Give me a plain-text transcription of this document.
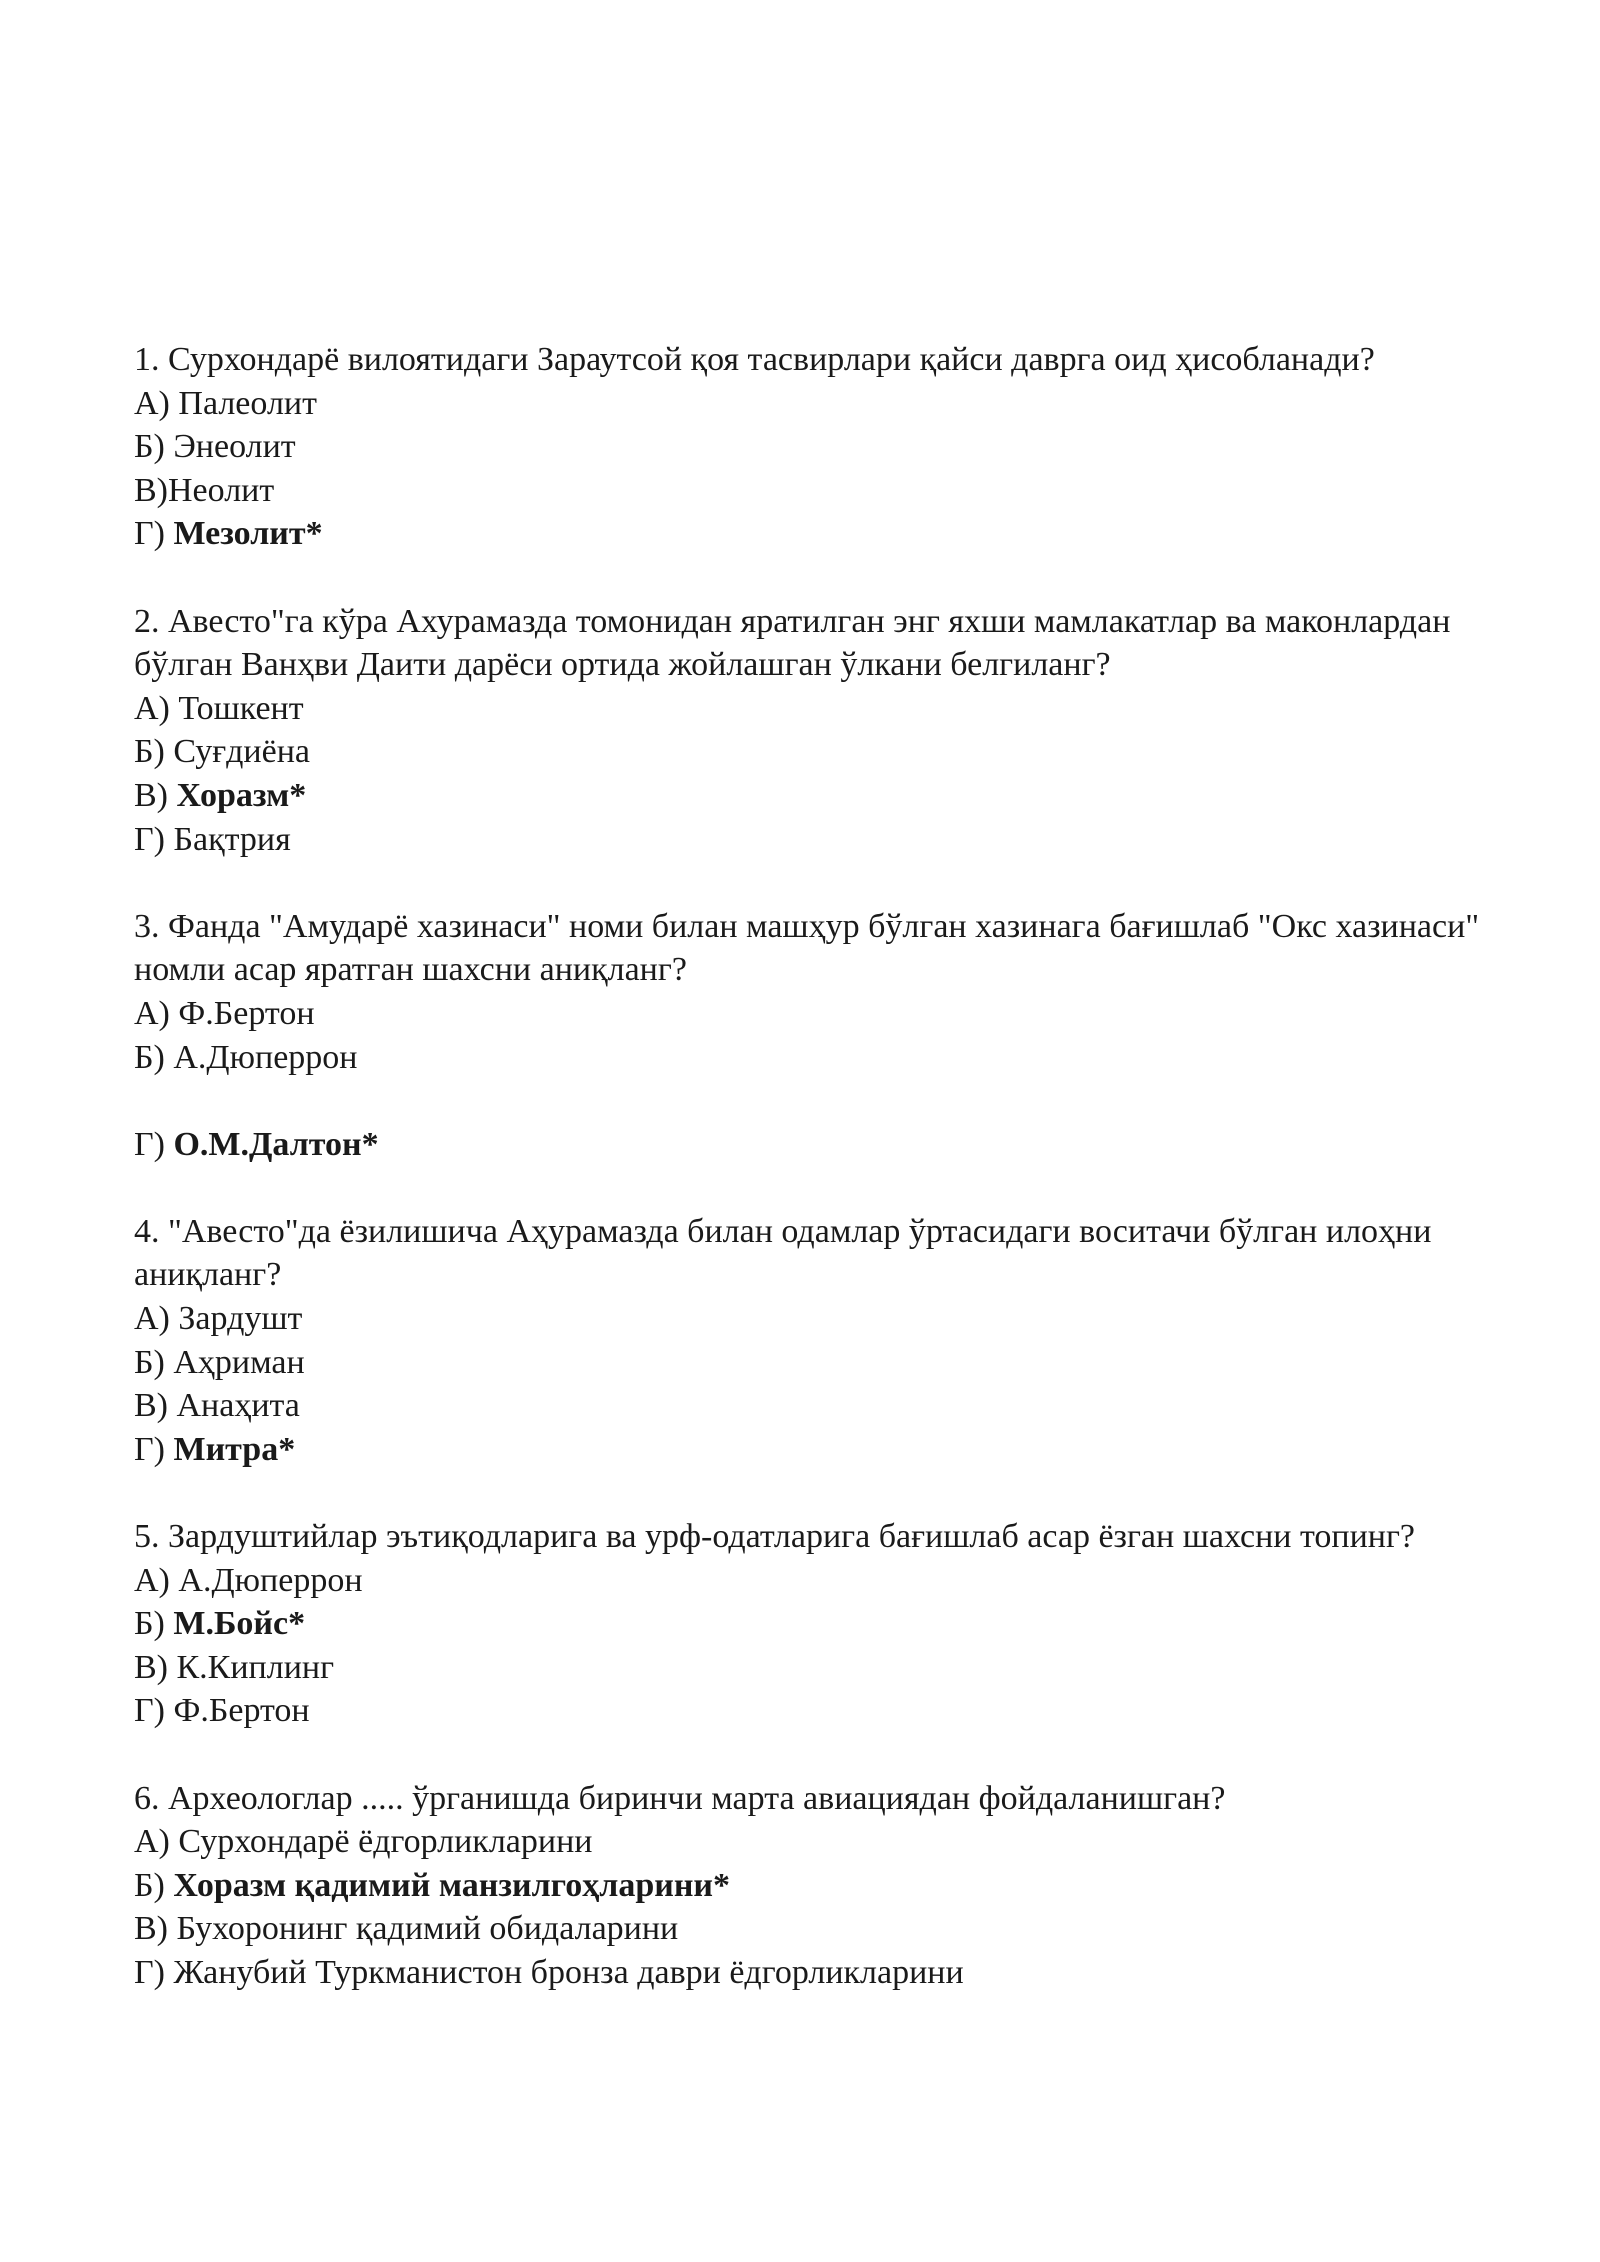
1. Сурхондарё вилоятидаги Зараутсой қоя тасвирлари қайси даврга оид ҳисобланади?
А) Палеолит
Б) Энеолит
В)Неолит
Г) Мезолит*
2. Авесто"га кўра Ахурамазда томонидан яратилган энг яхши мамлакатлар ва маконлардан бўлган Ванҳви Даити дарёси ортида жойлашган ўлкани белгиланг?
А) Тошкент
Б) Суғдиёна
В) Хоразм*
Г) Бақтрия
3. Фанда "Амударё хазинаси" номи билан машҳур бўлган хазинага бағишлаб "Окс хазинаси" номли асар яратган шахсни аниқланг?
А) Ф.Бертон
Б) А.Дюперрон
Г) О.М.Далтон*
4. "Авесто"да ёзилишича Аҳурамазда билан одамлар ўртасидаги воситачи бўлган илоҳни аниқланг?
А) Зардушт
Б) Аҳриман
В) Анаҳита
Г) Митра*
5. Зардуштийлар эътиқодларига ва урф-одатларига бағишлаб асар ёзган шахсни топинг?
А) А.Дюперрон
Б) М.Бойс*
В) К.Киплинг
Г) Ф.Бертон
6. Археологлар ..... ўрганишда биринчи марта авиациядан фойдаланишган?
А) Сурхондарё ёдгорликларини
Б) Хоразм қадимий манзилгоҳларини*
В) Бухоронинг қадимий обидаларини
Г) Жанубий Туркманистон бронза даври ёдгорликларини
